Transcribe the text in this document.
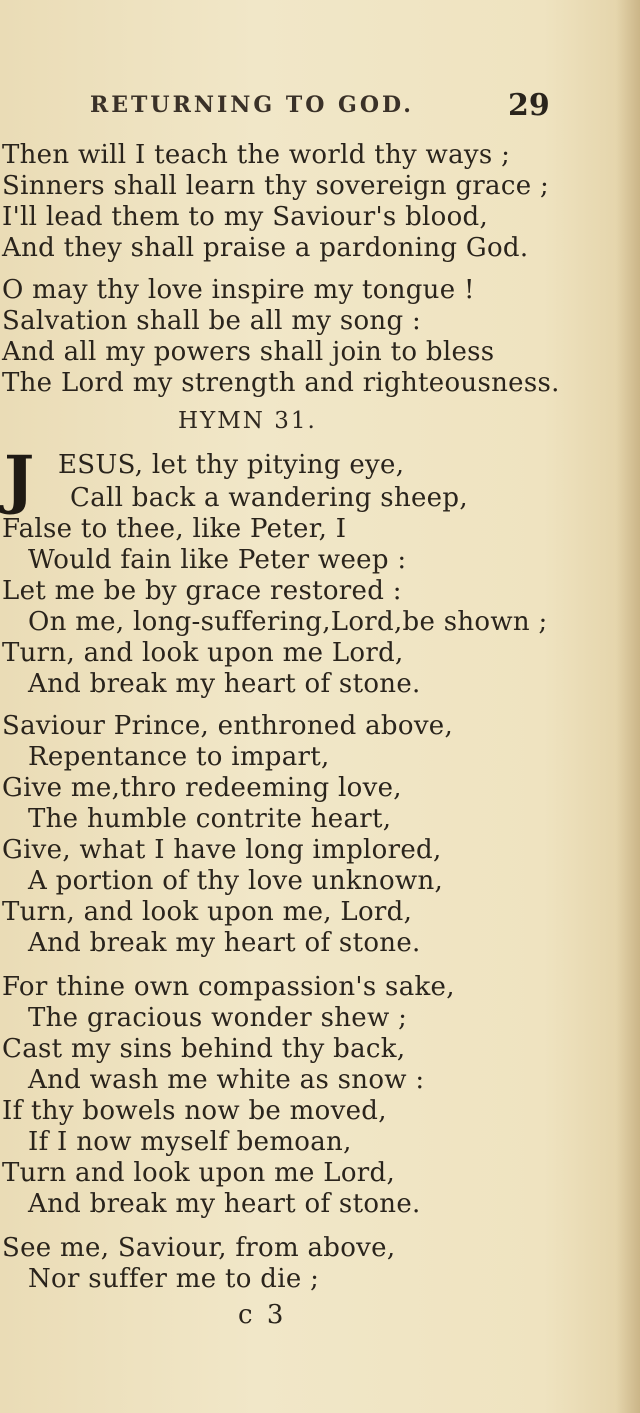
RETURNING TO GOD.	29
Then will I teach the world thy ways ;
Sinners shall learn thy sovereign grace ;
I'll lead them to my Saviour's blood,
And they shall praise a pardoning God.
O may thy love inspire my tongue !
Salvation shall be all my song :
And all my powers shall join to bless
The Lord my strength and righteousness.
HYMN 31.
J ESUS, let thy pitying eye,
Call back a wandering sheep,
False to thee, like Peter, I
Would fain like Peter weep :
Let me be by grace restored :
On me, long-suffering,Lord,be shown ;
Turn, and look upon me Lord,
And break my heart of stone.
Saviour Prince, enthroned above,
Repentance to impart,
Give me,thro redeeming love,
The humble contrite heart,
Give, what I have long implored,
A portion of thy love unknown,
Turn, and look upon me, Lord,
And break my heart of stone.
For thine own compassion's sake,
The gracious wonder shew ;
Cast my sins behind thy back,
And wash me white as snow :
If thy bowels now be moved,
If I now myself bemoan,
Turn and look upon me Lord,
And break my heart of stone.
See me, Saviour, from above,
Nor suffer me to die ;
c 3
